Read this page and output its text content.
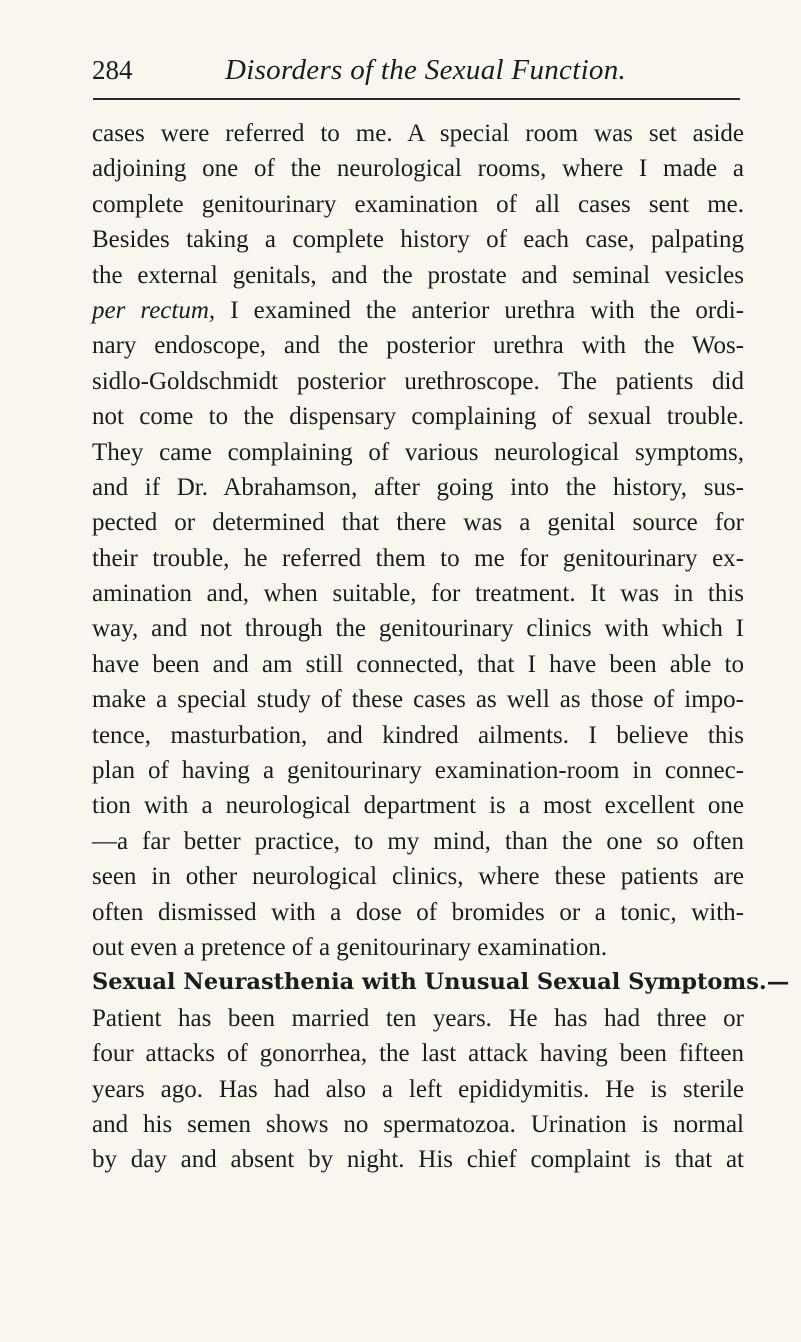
284	Disorders of the Sexual Function.
cases were referred to me. A special room was set aside
adjoining one of the neurological rooms, where I made a
complete genitourinary examination of all cases sent me.
Besides taking a complete history of each case, palpating
the external genitals, and the prostate and seminal vesicles
per rectum, I examined the anterior urethra with the ordi-
nary endoscope, and the posterior urethra with the Wos-
sidlo-Goldschmidt posterior urethroscope. The patients did
not come to the dispensary complaining of sexual trouble.
They came complaining of various neurological symptoms,
and if Dr. Abrahamson, after going into the history, sus-
pected or determined that there was a genital source for
their trouble, he referred them to me for genitourinary ex-
amination and, when suitable, for treatment. It was in this
way, and not through the genitourinary clinics with which I
have been and am still connected, that I have been able to
make a special study of these cases as well as those of impo-
tence, masturbation, and kindred ailments. I believe this
plan of having a genitourinary examination-room in connec-
tion with a neurological department is a most excellent one
—a far better practice, to my mind, than the one so often
seen in other neurological clinics, where these patients are
often dismissed with a dose of bromides or a tonic, with-
out even a pretence of a genitourinary examination.
Sexual Neurasthenia with Unusual Sexual Symptoms.—
Patient has been married ten years. He has had three or
four attacks of gonorrhea, the last attack having been fifteen
years ago. Has had also a left epididymitis. He is sterile
and his semen shows no spermatozoa. Urination is normal
by day and absent by night. His chief complaint is that at
